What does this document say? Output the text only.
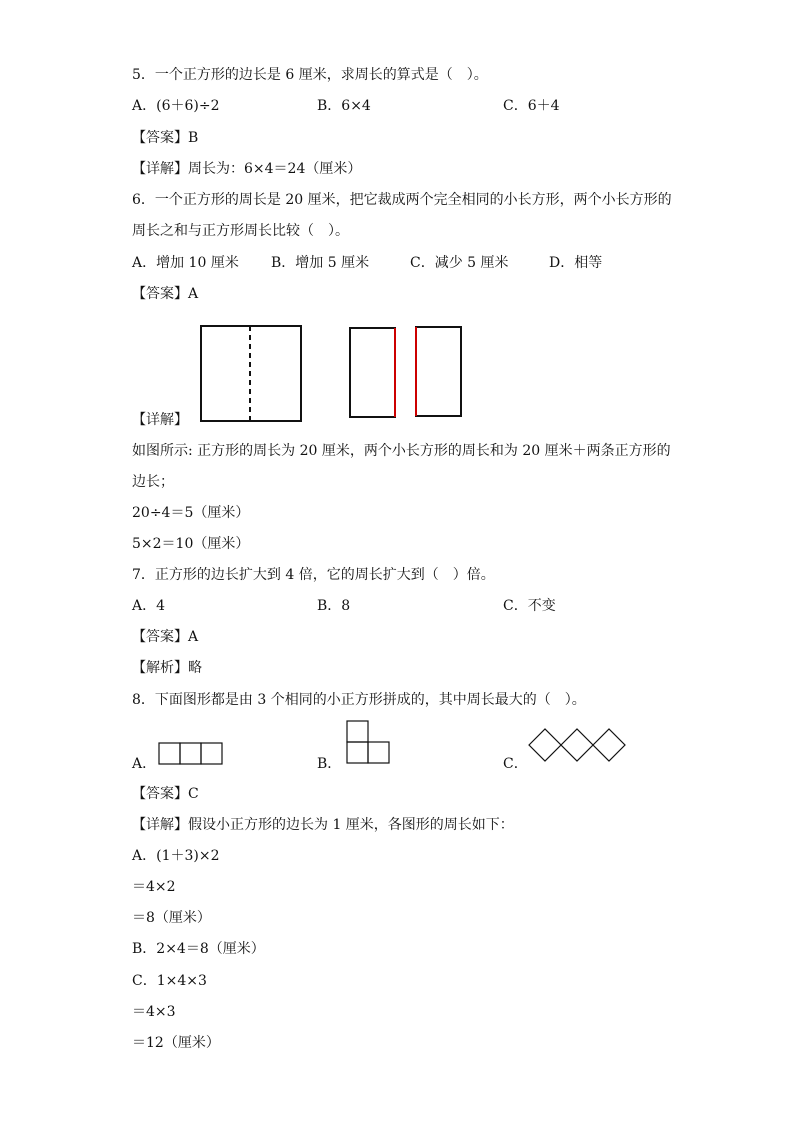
5．一个正方形的边长是 6 厘米，求周长的算式是（　）。
A．(6＋6)÷2	B．6×4	C．6＋4
【答案】B
【详解】周长为：6×4＝24（厘米）
6．一个正方形的周长是 20 厘米，把它裁成两个完全相同的小长方形，两个小长方形的
周长之和与正方形周长比较（　）。
A．增加 10 厘米 B．增加 5 厘米	C．减少 5 厘米	D．相等
【答案】A
【详解】
如图所示: 正方形的周长为 20 厘米，两个小长方形的周长和为 20 厘米＋两条正方形的
边长；
20÷4＝5（厘米）
5×2＝10（厘米）
7．正方形的边长扩大到 4 倍，它的周长扩大到（　）倍。
A．4	B．8	C．不变
【答案】A
【解析】略
8．下面图形都是由 3 个相同的小正方形拼成的，其中周长最大的（　）。
A．	B．	C．
【答案】C
【详解】假设小正方形的边长为 1 厘米，各图形的周长如下：
A．(1＋3)×2
＝4×2
＝8（厘米）
B．2×4＝8（厘米）
C．1×4×3
＝4×3
＝12（厘米）
